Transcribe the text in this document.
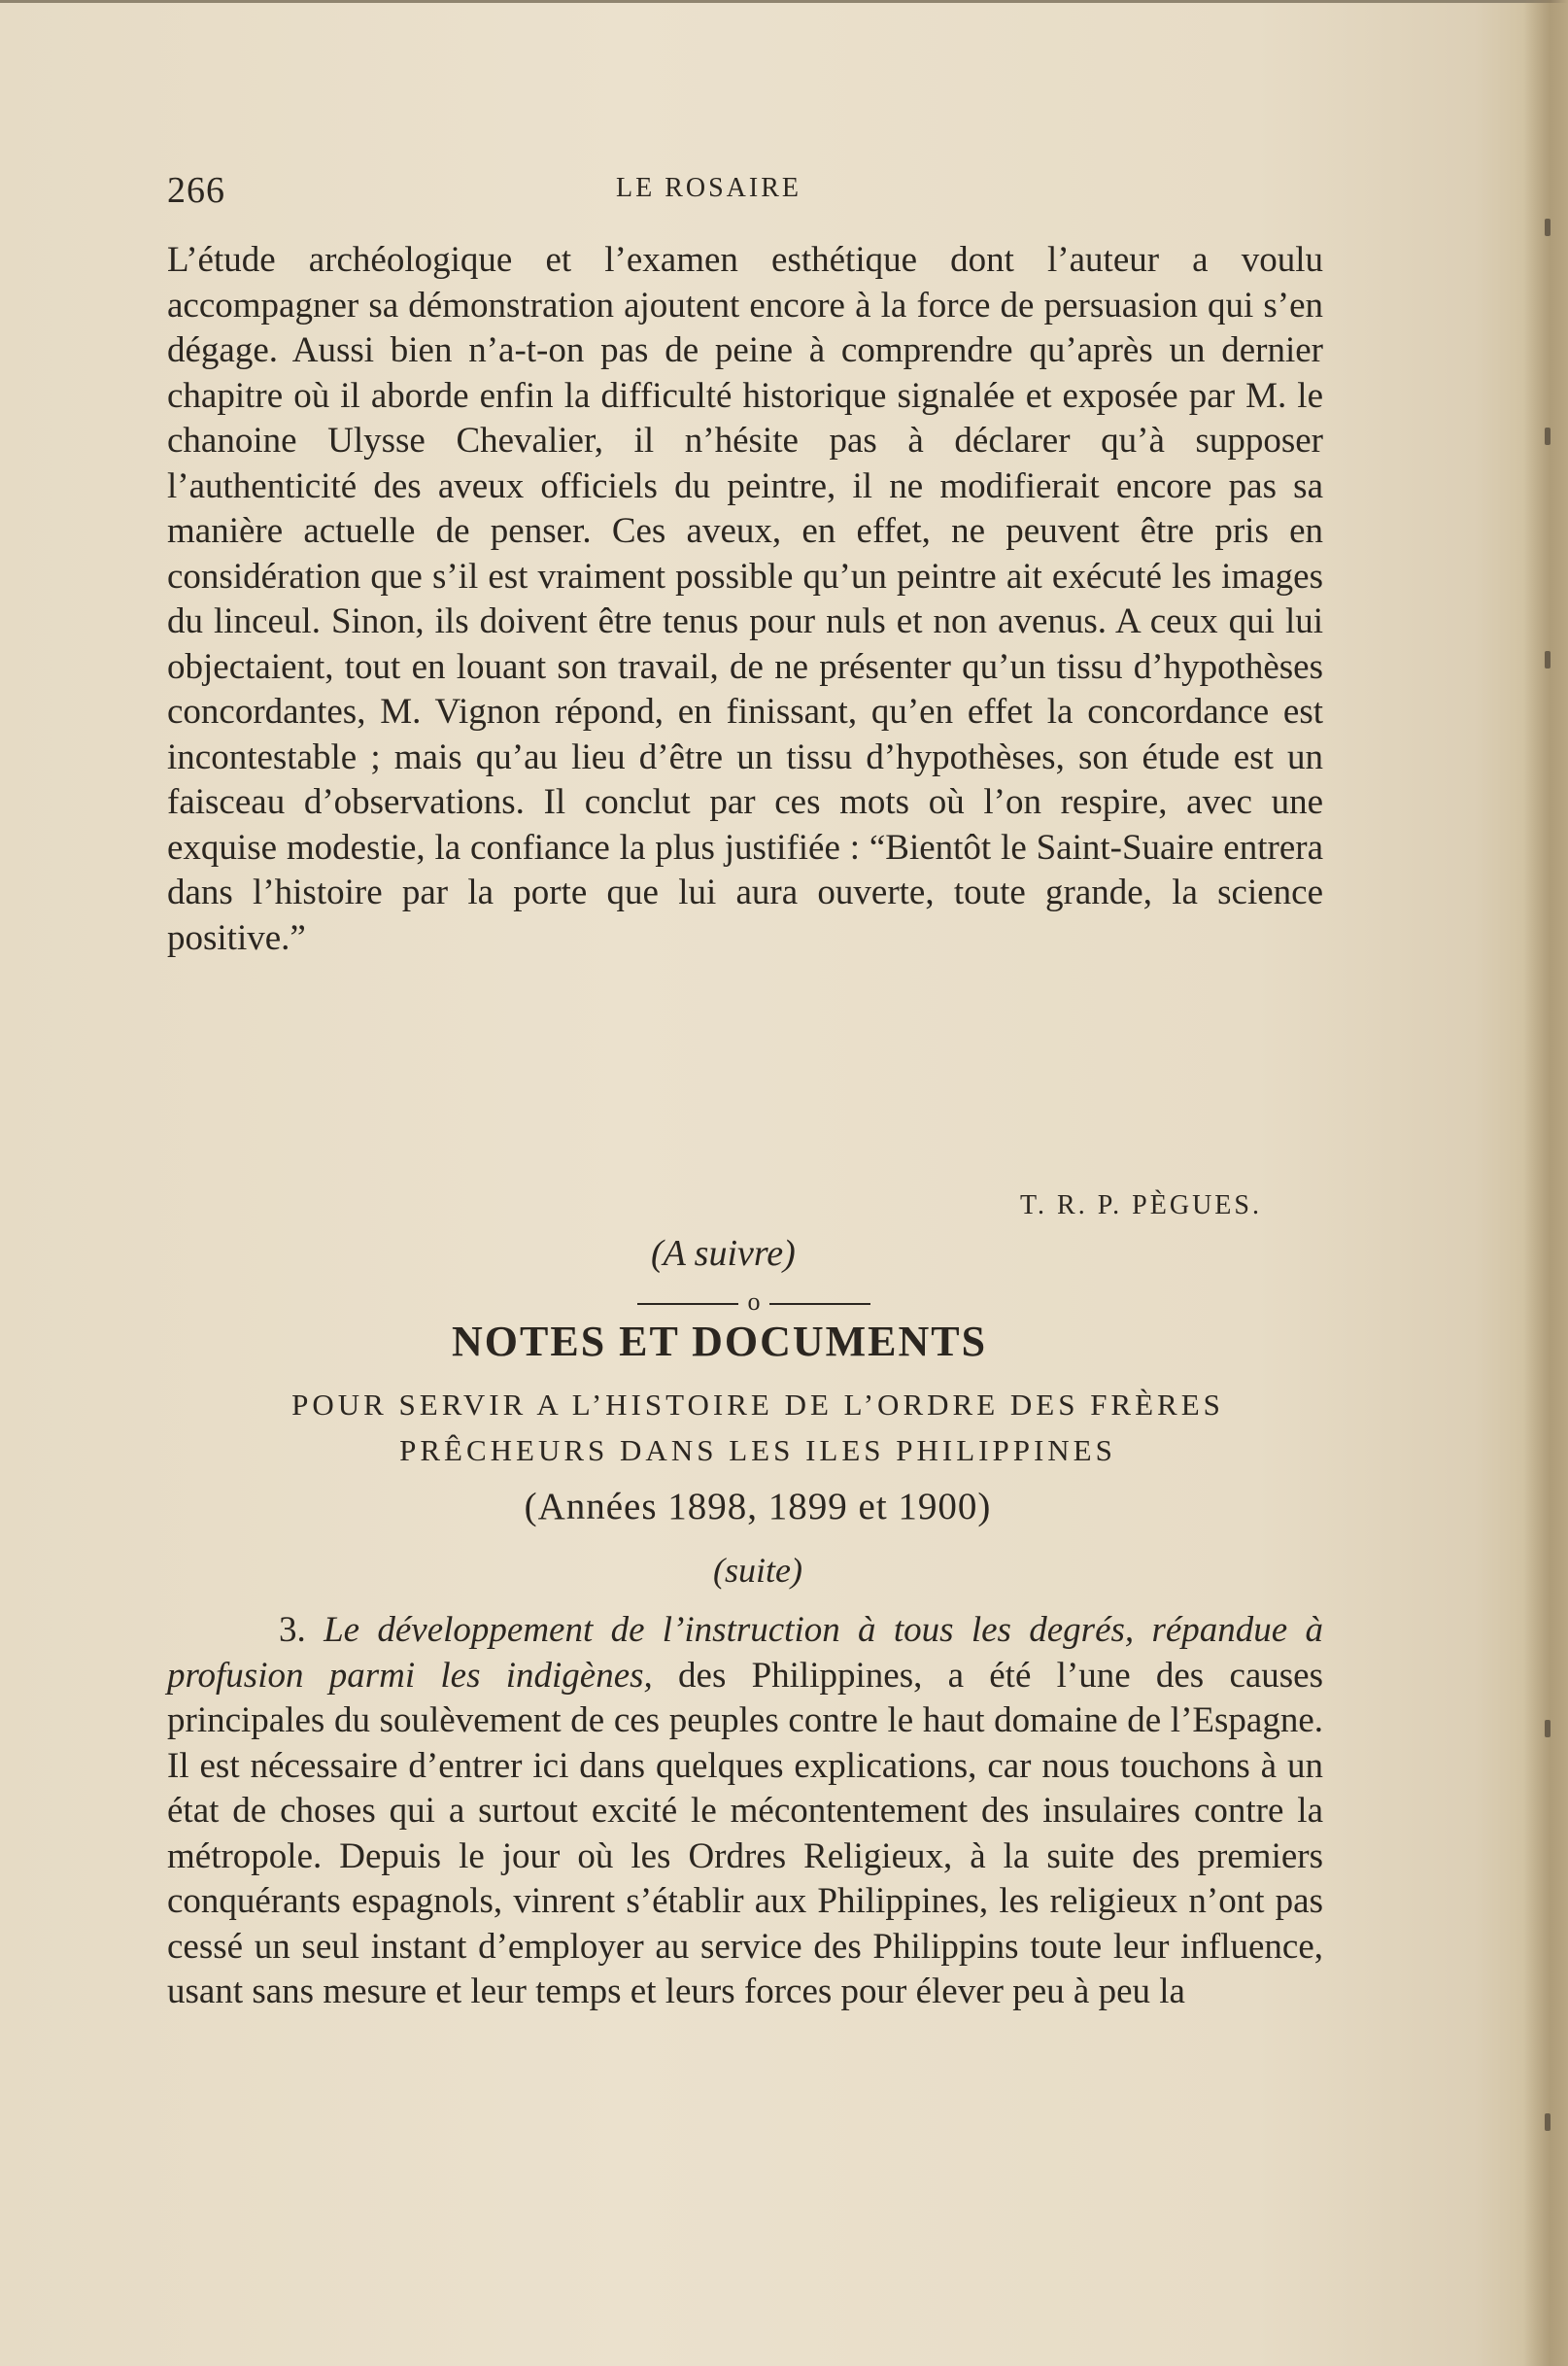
266	LE ROSAIRE
L’étude archéologique et l’examen esthétique dont l’auteur a voulu accompagner sa démonstration ajoutent encore à la force de persuasion qui s’en dégage. Aussi bien n’a-t-on pas de peine à comprendre qu’après un dernier chapitre où il aborde enfin la difficulté historique signalée et exposée par M. le chanoine Ulysse Chevalier, il n’hésite pas à déclarer qu’à supposer l’authenticité des aveux officiels du peintre, il ne modifierait encore pas sa manière actuelle de penser. Ces aveux, en effet, ne peuvent être pris en considération que s’il est vraiment possible qu’un peintre ait exécuté les images du linceul. Sinon, ils doivent être tenus pour nuls et non avenus. A ceux qui lui objectaient, tout en louant son travail, de ne présenter qu’un tissu d’hypothèses concordantes, M. Vignon répond, en finissant, qu’en effet la concordance est incontestable ; mais qu’au lieu d’être un tissu d’hypothèses, son étude est un faisceau d’observations. Il conclut par ces mots où l’on respire, avec une exquise modestie, la confiance la plus justifiée : “Bientôt le Saint-Suaire entrera dans l’histoire par la porte que lui aura ouverte, toute grande, la science positive.”
T. R. P. PÈGUES.
(A suivre)
o
NOTES ET DOCUMENTS
POUR SERVIR A L’HISTOIRE DE L’ORDRE DES FRÈRES
PRÊCHEURS DANS LES ILES PHILIPPINES
(Années 1898, 1899 et 1900)
(suite)
3. Le développement de l’instruction à tous les degrés, répandue à profusion parmi les indigènes, des Philippines, a été l’une des causes principales du soulèvement de ces peuples contre le haut domaine de l’Espagne. Il est nécessaire d’entrer ici dans quelques explications, car nous touchons à un état de choses qui a surtout excité le mécontentement des insulaires contre la métropole. Depuis le jour où les Ordres Religieux, à la suite des premiers conquérants espagnols, vinrent s’établir aux Philippines, les religieux n’ont pas cessé un seul instant d’employer au service des Philippins toute leur influence, usant sans mesure et leur temps et leurs forces pour élever peu à peu la
